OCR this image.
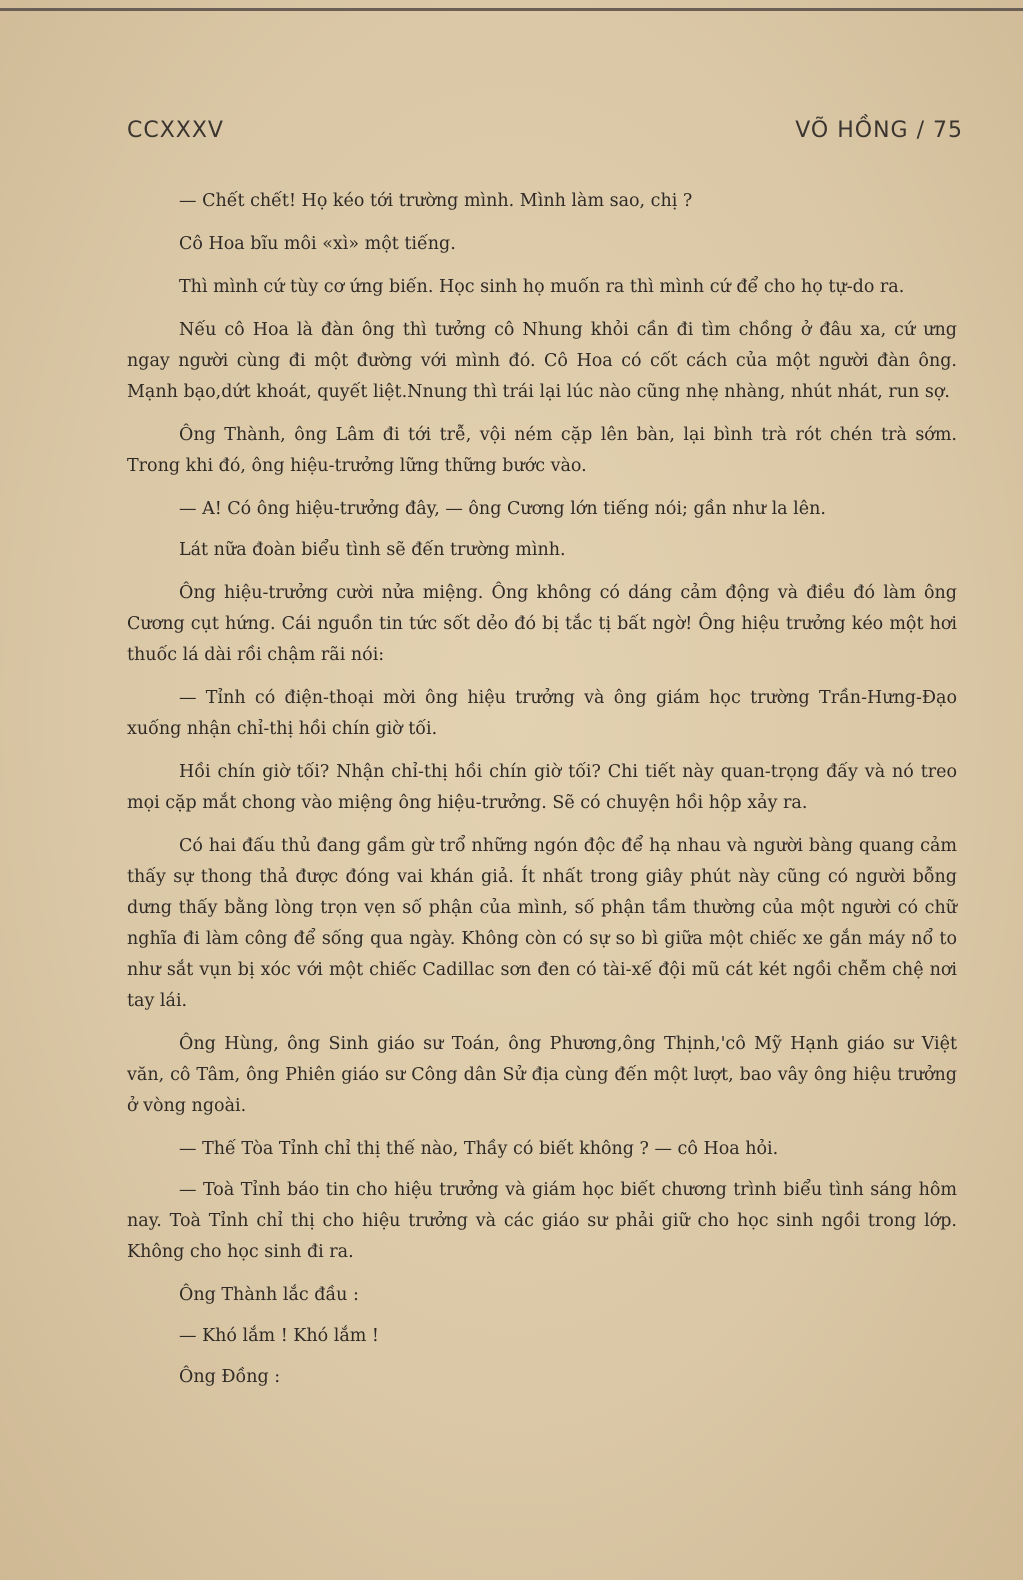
CCXXXV	VÕ HỒNG / 75

— Chết chết! Họ kéo tới trường mình. Mình làm sao, chị ?

Cô Hoa bĩu môi «xì» một tiếng.

Thì mình cứ tùy cơ ứng biến. Học sinh họ muốn ra thì mình cứ để cho họ tự-do ra.

Nếu cô Hoa là đàn ông thì tưởng cô Nhung khỏi cần đi tìm chồng ở đâu xa, cứ ưng ngay người cùng đi một đường với mình đó. Cô Hoa có cốt cách của một người đàn ông. Mạnh bạo,dứt khoát, quyết liệt.Nnung thì trái lại lúc nào cũng nhẹ nhàng, nhút nhát, run sợ.

Ông Thành, ông Lâm đi tới trễ, vội ném cặp lên bàn, lại bình trà rót chén trà sớm. Trong khi đó, ông hiệu-trưởng lững thững bước vào.

— A! Có ông hiệu-trưởng đây, — ông Cương lớn tiếng nói; gần như la lên.

Lát nữa đoàn biểu tình sẽ đến trường mình.

Ông hiệu-trưởng cười nửa miệng. Ông không có dáng cảm động và điều đó làm ông Cương cụt hứng. Cái nguồn tin tức sốt dẻo đó bị tắc tị bất ngờ! Ông hiệu trưởng kéo một hơi thuốc lá dài rồi chậm rãi nói:

— Tỉnh có điện-thoại mời ông hiệu trưởng và ông giám học trường Trần-Hưng-Đạo xuống nhận chỉ-thị hồi chín giờ tối.

Hồi chín giờ tối? Nhận chỉ-thị hồi chín giờ tối? Chi tiết này quan-trọng đấy và nó treo mọi cặp mắt chong vào miệng ông hiệu-trưởng. Sẽ có chuyện hồi hộp xảy ra.

Có hai đấu thủ đang gầm gừ trổ những ngón độc để hạ nhau và người bàng quang cảm thấy sự thong thả được đóng vai khán giả. Ít nhất trong giây phút này cũng có người bỗng dưng thấy bằng lòng trọn vẹn số phận của mình, số phận tầm thường của một người có chữ nghĩa đi làm công để sống qua ngày. Không còn có sự so bì giữa một chiếc xe gắn máy nổ to như sắt vụn bị xóc với một chiếc Cadillac sơn đen có tài-xế đội mũ cát két ngồi chễm chệ nơi tay lái.

Ông Hùng, ông Sinh giáo sư Toán, ông Phương,ông Thịnh,'cô Mỹ Hạnh giáo sư Việt văn, cô Tâm, ông Phiên giáo sư Công dân Sử địa cùng đến một lượt, bao vây ông hiệu trưởng ở vòng ngoài.

— Thế Tòa Tỉnh chỉ thị thế nào, Thầy có biết không ? — cô Hoa hỏi.

— Toà Tỉnh báo tin cho hiệu trưởng và giám học biết chương trình biểu tình sáng hôm nay. Toà Tỉnh chỉ thị cho hiệu trưởng và các giáo sư phải giữ cho học sinh ngồi trong lớp. Không cho học sinh đi ra.

Ông Thành lắc đầu :

— Khó lắm ! Khó lắm !

Ông Đồng :
